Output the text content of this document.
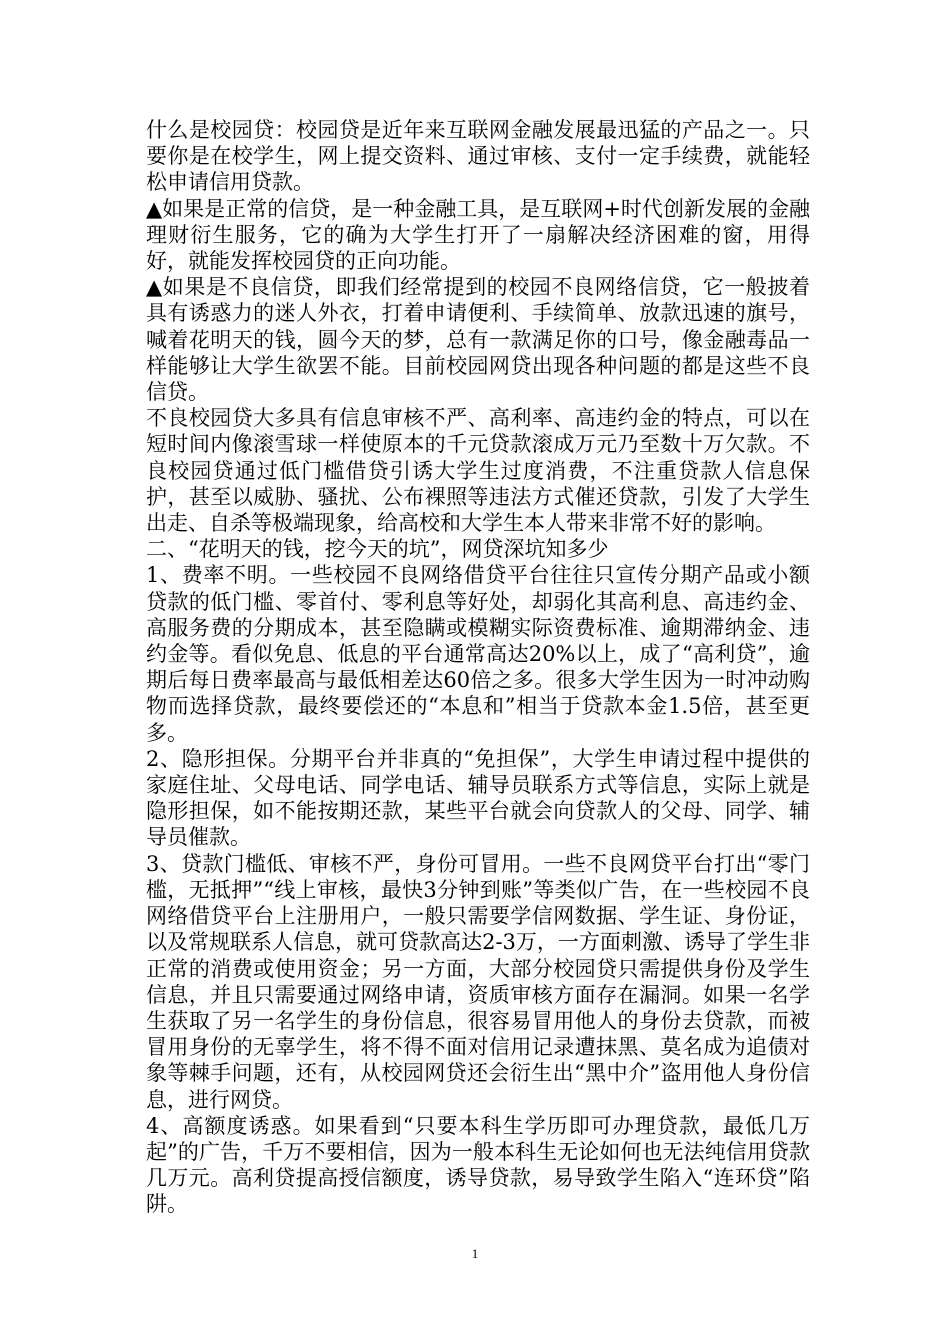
什么是校园贷：校园贷是近年来互联网金融发展最迅猛的产品之一。只要你是在校学生，网上提交资料、通过审核、支付一定手续费，就能轻松申请信用贷款。

▲如果是正常的信贷，是一种金融工具，是互联网+时代创新发展的金融理财衍生服务，它的确为大学生打开了一扇解决经济困难的窗，用得好，就能发挥校园贷的正向功能。

▲如果是不良信贷，即我们经常提到的校园不良网络信贷，它一般披着具有诱惑力的迷人外衣，打着申请便利、手续简单、放款迅速的旗号，喊着花明天的钱，圆今天的梦，总有一款满足你的口号，像金融毒品一样能够让大学生欲罢不能。目前校园网贷出现各种问题的都是这些不良信贷。

不良校园贷大多具有信息审核不严、高利率、高违约金的特点，可以在短时间内像滚雪球一样使原本的千元贷款滚成万元乃至数十万欠款。不良校园贷通过低门槛借贷引诱大学生过度消费，不注重贷款人信息保护，甚至以威胁、骚扰、公布裸照等违法方式催还贷款，引发了大学生出走、自杀等极端现象，给高校和大学生本人带来非常不好的影响。

二、“花明天的钱，挖今天的坑”，网贷深坑知多少

1、费率不明。一些校园不良网络借贷平台往往只宣传分期产品或小额贷款的低门槛、零首付、零利息等好处，却弱化其高利息、高违约金、高服务费的分期成本，甚至隐瞒或模糊实际资费标准、逾期滞纳金、违约金等。看似免息、低息的平台通常高达20%以上，成了“高利贷”，逾期后每日费率最高与最低相差达60倍之多。很多大学生因为一时冲动购物而选择贷款，最终要偿还的“本息和”相当于贷款本金1.5倍，甚至更多。

2、隐形担保。分期平台并非真的“免担保”，大学生申请过程中提供的家庭住址、父母电话、同学电话、辅导员联系方式等信息，实际上就是隐形担保，如不能按期还款，某些平台就会向贷款人的父母、同学、辅导员催款。

3、贷款门槛低、审核不严，身份可冒用。一些不良网贷平台打出“零门槛，无抵押”“线上审核，最快3分钟到账”等类似广告，在一些校园不良网络借贷平台上注册用户，一般只需要学信网数据、学生证、身份证，以及常规联系人信息，就可贷款高达2-3万，一方面刺激、诱导了学生非正常的消费或使用资金；另一方面，大部分校园贷只需提供身份及学生信息，并且只需要通过网络申请，资质审核方面存在漏洞。如果一名学生获取了另一名学生的身份信息，很容易冒用他人的身份去贷款，而被冒用身份的无辜学生，将不得不面对信用记录遭抹黑、莫名成为追债对象等棘手问题，还有，从校园网贷还会衍生出“黑中介”盗用他人身份信息，进行网贷。

4、高额度诱惑。如果看到“只要本科生学历即可办理贷款，最低几万起”的广告，千万不要相信，因为一般本科生无论如何也无法纯信用贷款几万元。高利贷提高授信额度，诱导贷款，易导致学生陷入“连环贷”陷阱。

1
